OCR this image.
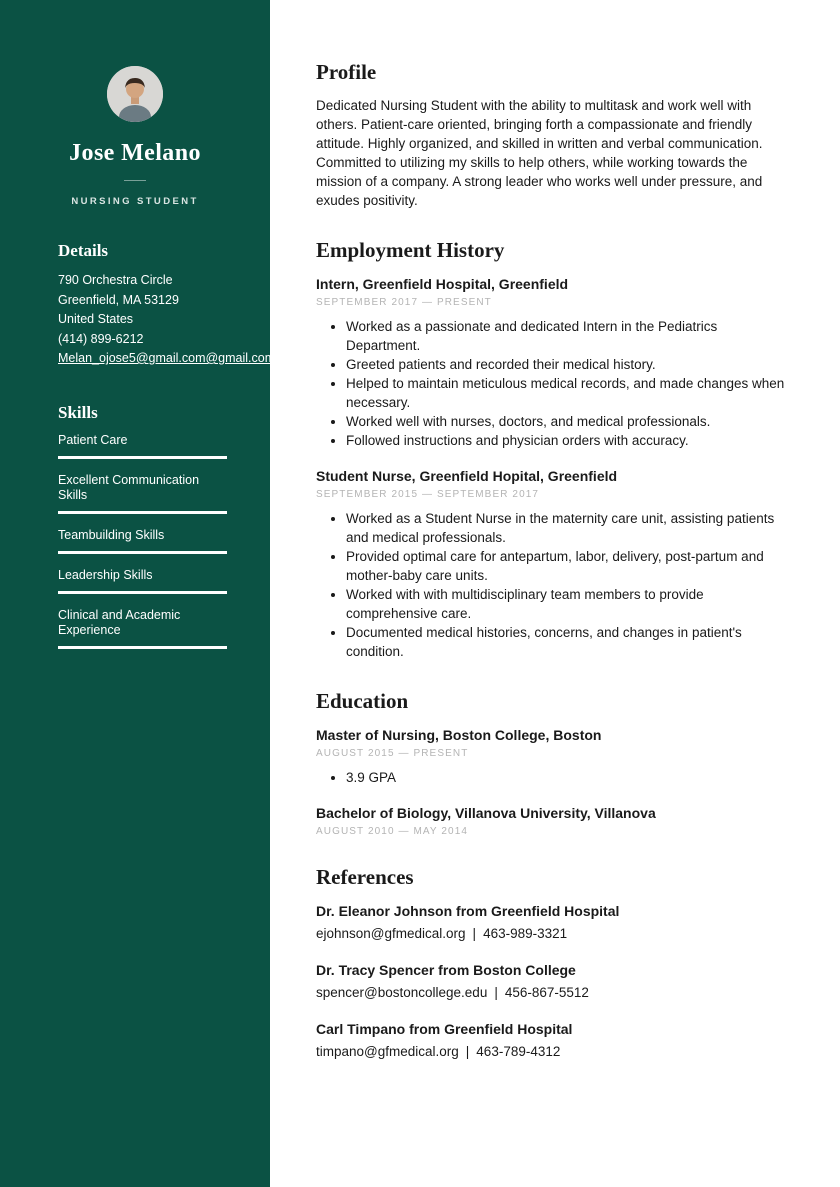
Jose Melano
NURSING STUDENT
Details
790 Orchestra Circle
Greenfield, MA 53129
United States
(414) 899-6212
Melan_ojose5@gmail.com@gmail.com
Skills
Patient Care
Excellent Communication Skills
Teambuilding Skills
Leadership Skills
Clinical and Academic Experience
Profile

Dedicated Nursing Student with the ability to multitask and work well with others. Patient-care oriented, bringing forth a compassionate and friendly attitude. Highly organized, and skilled in written and verbal communication. Committed to utilizing my skills to help others, while working towards the mission of a company. A strong leader who works well under pressure, and exudes positivity.

Employment History
Intern, Greenfield Hospital, Greenfield
SEPTEMBER 2017 — PRESENT
• Worked as a passionate and dedicated Intern in the Pediatrics Department.
• Greeted patients and recorded their medical history.
• Helped to maintain meticulous medical records, and made changes when necessary.
• Worked well with nurses, doctors, and medical professionals.
• Followed instructions and physician orders with accuracy.
Student Nurse, Greenfield Hopital, Greenfield
SEPTEMBER 2015 — SEPTEMBER 2017
• Worked as a Student Nurse in the maternity care unit, assisting patients and medical professionals.
• Provided optimal care for antepartum, labor, delivery, post-partum and mother-baby care units.
• Worked with with multidisciplinary team members to provide comprehensive care.
• Documented medical histories, concerns, and changes in patient's condition.
Education
Master of Nursing, Boston College, Boston
AUGUST 2015 — PRESENT
• 3.9 GPA
Bachelor of Biology, Villanova University, Villanova
AUGUST 2010 — MAY 2014
References
Dr. Eleanor Johnson from Greenfield Hospital
ejohnson@gfmedical.org | 463-989-3321
Dr. Tracy Spencer from Boston College
spencer@bostoncollege.edu | 456-867-5512
Carl Timpano from Greenfield Hospital
timpano@gfmedical.org | 463-789-4312
